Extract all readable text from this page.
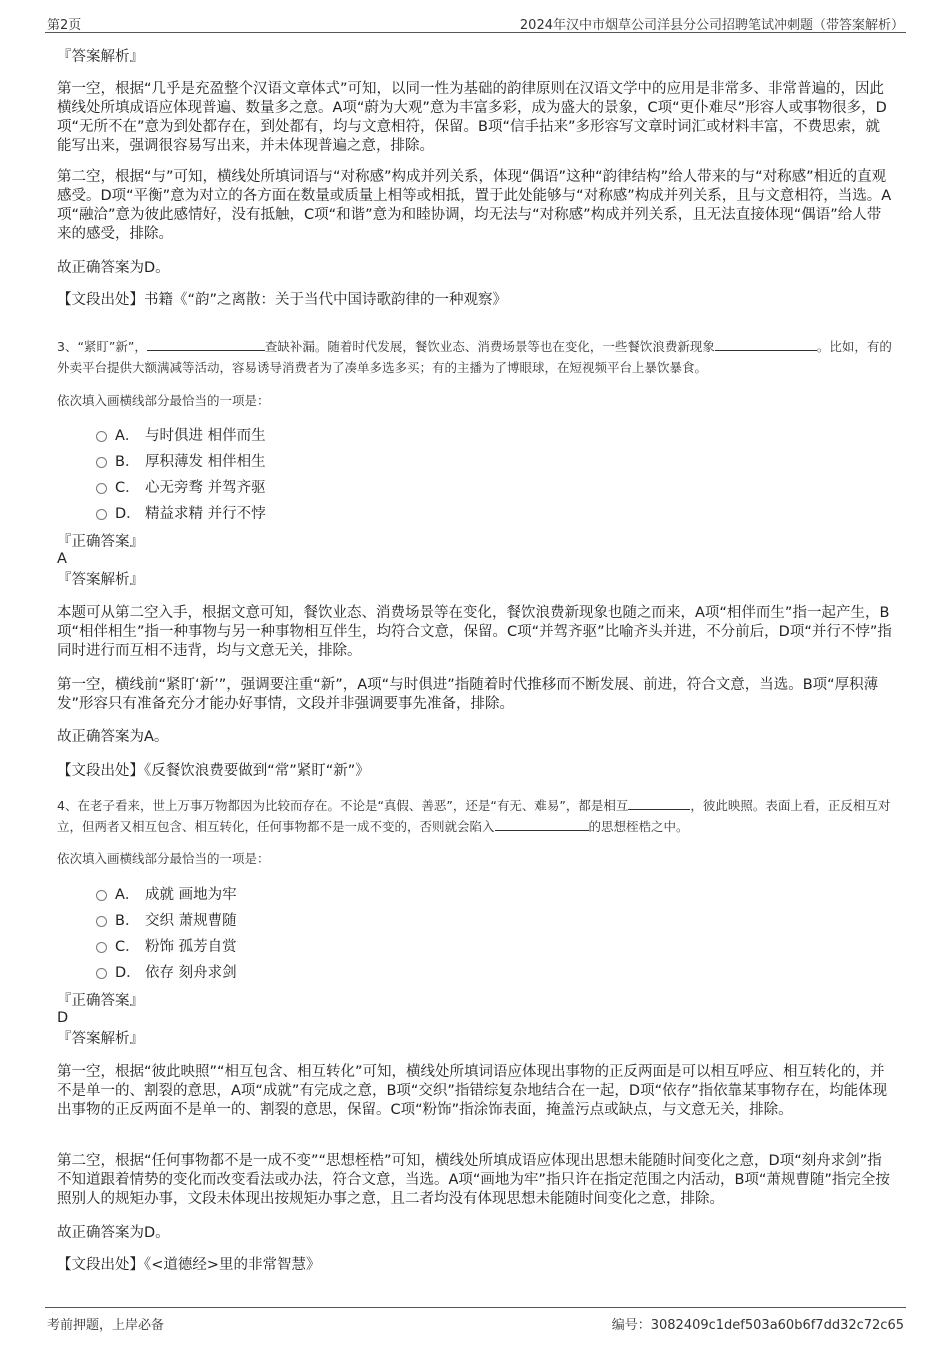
第2页	2024年汉中市烟草公司洋县分公司招聘笔试冲刺题（带答案解析）
『答案解析』

第一空，根据“几乎是充盈整个汉语文章体式”可知，以同一性为基础的韵律原则在汉语文学中的应用是非常多、非常普遍的，因此横线处所填成语应体现普遍、数量多之意。A项“蔚为大观”意为丰富多彩，成为盛大的景象，C项“更仆难尽”形容人或事物很多，D项“无所不在”意为到处都存在，到处都有，均与文意相符，保留。B项“信手拈来”多形容写文章时词汇或材料丰富，不费思索，就能写出来，强调很容易写出来，并未体现普遍之意，排除。

第二空，根据“与”可知，横线处所填词语与“对称感”构成并列关系，体现“偶语”这种“韵律结构”给人带来的与“对称感”相近的直观感受。D项“平衡”意为对立的各方面在数量或质量上相等或相抵，置于此处能够与“对称感”构成并列关系，且与文意相符，当选。A项“融洽”意为彼此感情好，没有抵触，C项“和谐”意为和睦协调，均无法与“对称感”构成并列关系，且无法直接体现“偶语”给人带来的感受，排除。

故正确答案为D。
【文段出处】书籍《“韵”之离散：关于当代中国诗歌韵律的一种观察》

3、“紧盯”新”，	查缺补漏。随着时代发展，餐饮业态、消费场景等也在变化，一些餐饮浪费新现象	。比如，有的外卖平台提供大额满减等活动，容易诱导消费者为了凑单多选多买；有的主播为了博眼球，在短视频平台上暴饮暴食。

依次填入画横线部分最恰当的一项是：
A． 与时俱进 相伴而生
B． 厚积薄发 相伴相生
C． 心无旁骛 并驾齐驱
D． 精益求精 并行不悖
『正确答案』
A
『答案解析』

本题可从第二空入手，根据文意可知，餐饮业态、消费场景等在变化，餐饮浪费新现象也随之而来，A项“相伴而生”指一起产生，B项“相伴相生”指一种事物与另一种事物相互伴生，均符合文意，保留。C项“并驾齐驱”比喻齐头并进，不分前后，D项“并行不悖”指同时进行而互相不违背，均与文意无关，排除。

第一空，横线前“紧盯‘新’”，强调要注重“新”，A项“与时俱进”指随着时代推移而不断发展、前进，符合文意，当选。B项“厚积薄发”形容只有准备充分才能办好事情，文段并非强调要事先准备，排除。

故正确答案为A。
【文段出处】《反餐饮浪费要做到“常”紧盯“新”》

4、在老子看来，世上万事万物都因为比较而存在。不论是“真假、善恶”，还是“有无、难易”，都是相互	，彼此映照。表面上看，正反相互对立，但两者又相互包含、相互转化，任何事物都不是一成不变的，否则就会陷入	的思想桎梏之中。

依次填入画横线部分最恰当的一项是：
A． 成就 画地为牢
B． 交织 萧规曹随
C． 粉饰 孤芳自赏
D． 依存 刻舟求剑
『正确答案』
D
『答案解析』

第一空，根据“彼此映照”“相互包含、相互转化”可知，横线处所填词语应体现出事物的正反两面是可以相互呼应、相互转化的，并不是单一的、割裂的意思，A项“成就”有完成之意，B项“交织”指错综复杂地结合在一起，D项“依存”指依靠某事物存在，均能体现出事物的正反两面不是单一的、割裂的意思，保留。C项“粉饰”指涂饰表面，掩盖污点或缺点，与文意无关，排除。

第二空，根据“任何事物都不是一成不变”“思想桎梏”可知，横线处所填成语应体现出思想未能随时间变化之意，D项“刻舟求剑”指不知道跟着情势的变化而改变看法或办法，符合文意，当选。A项“画地为牢”指只许在指定范围之内活动，B项“萧规曹随”指完全按照别人的规矩办事，文段未体现出按规矩办事之意，且二者均没有体现思想未能随时间变化之意，排除。

故正确答案为D。
【文段出处】《<道德经>里的非常智慧》
考前押题，上岸必备	编号：3082409c1def503a60b6f7dd32c72c65
